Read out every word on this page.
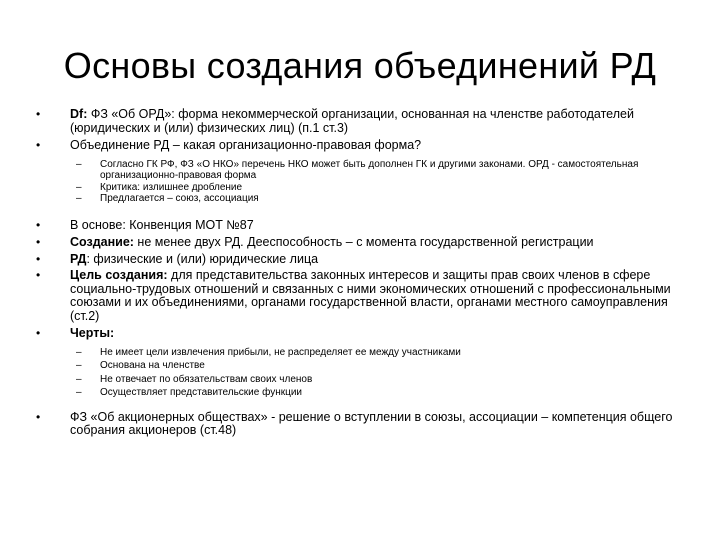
Основы создания объединений РД
•	Df: ФЗ «Об ОРД»: форма некоммерческой организации, основанная на членстве работодателей (юридических и (или) физических лиц) (п.1 ст.3)
•	Объединение РД – какая организационно-правовая форма?
– Согласно ГК РФ, ФЗ «О НКО» перечень НКО может быть дополнен ГК и другими законами. ОРД - самостоятельная организационно-правовая форма
– Критика: излишнее дробление
– Предлагается – союз, ассоциация
•	В основе: Конвенция МОТ №87
•	Создание: не менее двух РД. Дееспособность – с момента государственной регистрации
•	РД: физические и (или) юридические лица
•	Цель создания: для представительства законных интересов и защиты прав своих членов в сфере социально-трудовых отношений и связанных с ними экономических отношений с профессиональными союзами и их объединениями, органами государственной власти, органами местного самоуправления (ст.2)
•	Черты:
– Не имеет цели извлечения прибыли, не распределяет ее между участниками
– Основана на членстве
– Не отвечает по обязательствам своих членов
– Осуществляет представительские функции
•	ФЗ «Об акционерных обществах» - решение о вступлении в союзы, ассоциации – компетенция общего собрания акционеров (ст.48)
